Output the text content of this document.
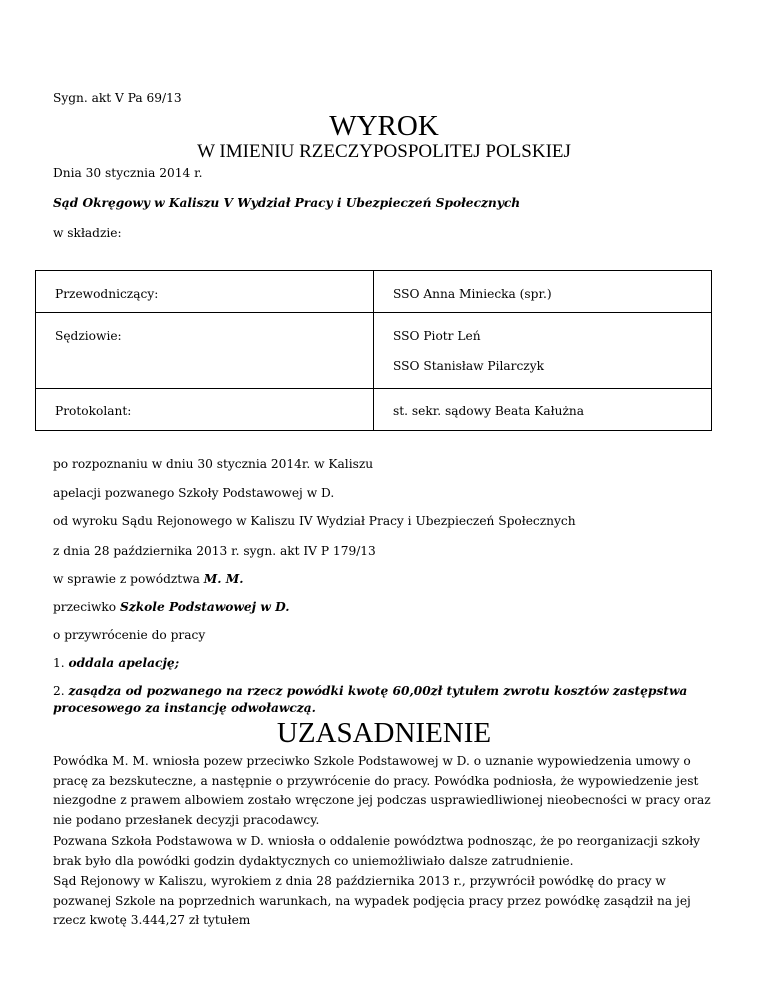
Sygn. akt V Pa 69/13
WYROK
W IMIENIU RZECZYPOSPOLITEJ POLSKIEJ
Dnia 30 stycznia 2014 r.
Sąd Okręgowy w Kaliszu V Wydział Pracy i Ubezpieczeń Społecznych
w składzie:
Przewodniczący:	SSO Anna Miniecka (spr.)
Sędziowie:	SSO Piotr Leń
SSO Stanisław Pilarczyk

Protokolant:	st. sekr. sądowy Beata Kałużna
po rozpoznaniu w dniu 30 stycznia 2014r. w Kaliszu
apelacji pozwanego Szkoły Podstawowej w D.
od wyroku Sądu Rejonowego w Kaliszu IV Wydział Pracy i Ubezpieczeń Społecznych
z dnia 28 października 2013 r. sygn. akt IV P 179/13
w sprawie z powództwa M. M.
przeciwko Szkole Podstawowej w D.
o przywrócenie do pracy
1. oddala apelację;
2. zasądza od pozwanego na rzecz powódki kwotę 60,00zł tytułem zwrotu kosztów zastępstwa procesowego za instancję odwoławczą.
UZASADNIENIE
Powódka M. M. wniosła pozew przeciwko Szkole Podstawowej w D. o uznanie wypowiedzenia umowy o pracę za bezskuteczne, a następnie o przywrócenie do pracy. Powódka podniosła, że wypowiedzenie jest niezgodne z prawem albowiem zostało wręczone jej podczas usprawiedliwionej nieobecności w pracy oraz nie podano przesłanek decyzji pracodawcy.
Pozwana Szkoła Podstawowa w D. wniosła o oddalenie powództwa podnosząc, że po reorganizacji szkoły brak było dla powódki godzin dydaktycznych co uniemożliwiało dalsze zatrudnienie.
Sąd Rejonowy w Kaliszu, wyrokiem z dnia 28 października 2013 r., przywrócił powódkę do pracy w pozwanej Szkole na poprzednich warunkach, na wypadek podjęcia pracy przez powódkę zasądził na jej rzecz kwotę 3.444,27 zł tytułem
